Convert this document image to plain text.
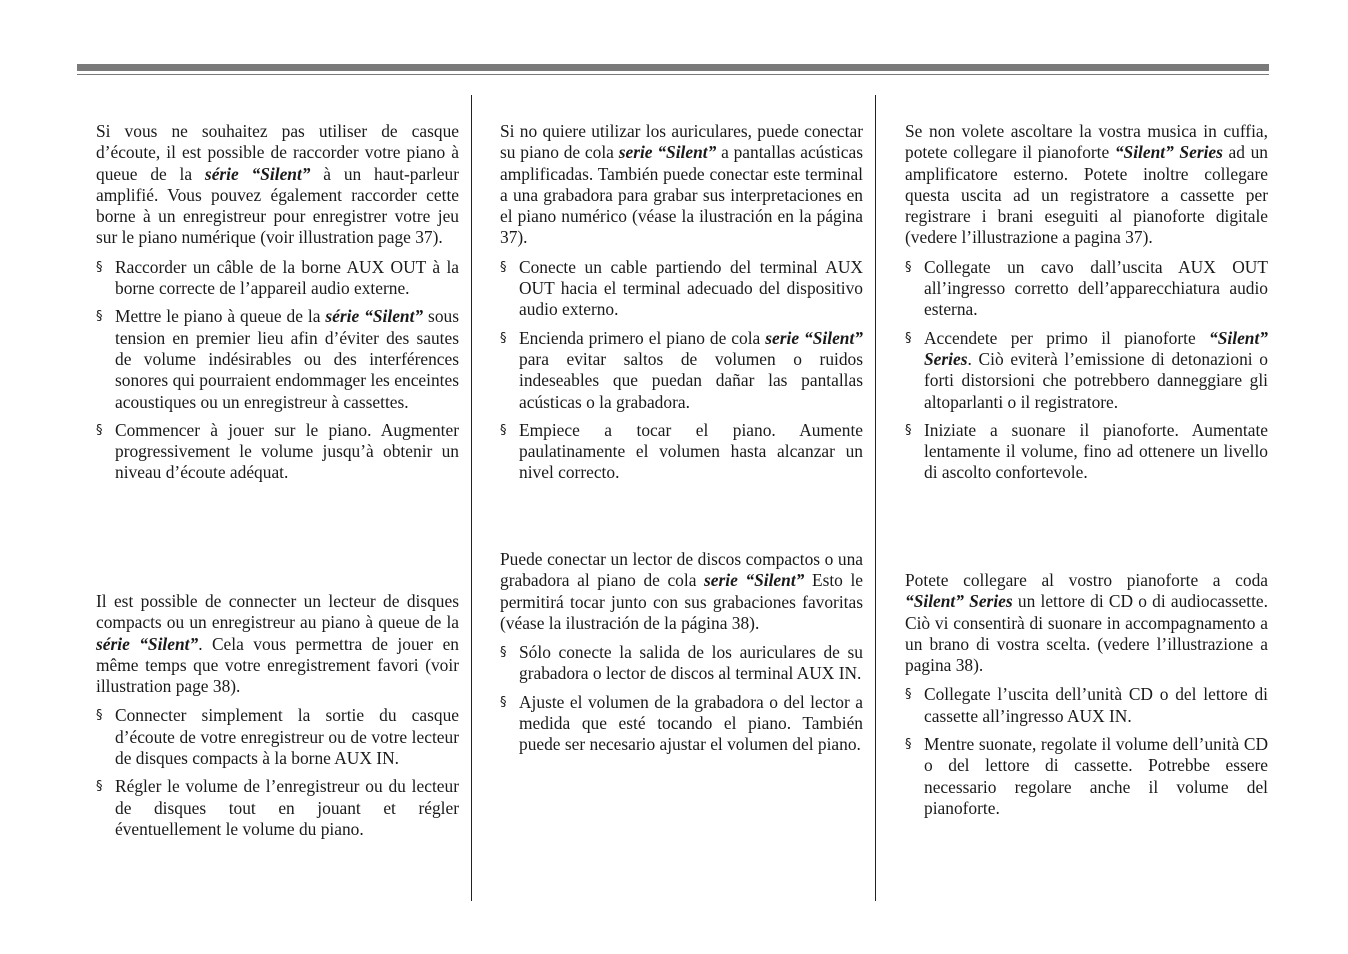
Si vous ne souhaitez pas utiliser de casque d’écoute, il est possible de raccorder votre piano à queue de la série “Silent” à un haut-parleur amplifié. Vous pouvez également raccorder cette borne à un enregistreur pour enregistrer votre jeu sur le piano numérique (voir illustration page 37).

§ Raccorder un câble de la borne AUX OUT à la borne correcte de l’appareil audio externe.
§ Mettre le piano à queue de la série “Silent” sous tension en premier lieu afin d’éviter des sautes de volume indésirables ou des interférences sonores qui pourraient endommager les enceintes acoustiques ou un enregistreur à cassettes.
§ Commencer à jouer sur le piano. Augmenter progressivement le volume jusqu’à obtenir un niveau d’écoute adéquat.

Il est possible de connecter un lecteur de disques compacts ou un enregistreur au piano à queue de la série “Silent”. Cela vous permettra de jouer en même temps que votre enregistrement favori (voir illustration page 38).

§ Connecter simplement la sortie du casque d’écoute de votre enregistreur ou de votre lecteur de disques compacts à la borne AUX IN.
§ Régler le volume de l’enregistreur ou du lecteur de disques tout en jouant et régler éventuellement le volume du piano.

Si no quiere utilizar los auriculares, puede conectar su piano de cola serie “Silent” a pantallas acústicas amplificadas. También puede conectar este terminal a una grabadora para grabar sus interpretaciones en el piano numérico (véase la ilustración en la página 37).

§ Conecte un cable partiendo del terminal AUX OUT hacia el terminal adecuado del dispositivo audio externo.
§ Encienda primero el piano de cola serie “Silent” para evitar saltos de volumen o ruidos indeseables que puedan dañar las pantallas acústicas o la grabadora.
§ Empiece a tocar el piano. Aumente paulatinamente el volumen hasta alcanzar un nivel correcto.

Puede conectar un lector de discos compactos o una grabadora al piano de cola serie “Silent” Esto le permitirá tocar junto con sus grabaciones favoritas (véase la ilustración de la página 38).

§ Sólo conecte la salida de los auriculares de su grabadora o lector de discos al terminal AUX IN.
§ Ajuste el volumen de la grabadora o del lector a medida que esté tocando el piano. También puede ser necesario ajustar el volumen del piano.

Se non volete ascoltare la vostra musica in cuffia, potete collegare il pianoforte “Silent” Series ad un amplificatore esterno. Potete inoltre collegare questa uscita ad un registratore a cassette per registrare i brani eseguiti al pianoforte digitale (vedere l’illustrazione a pagina 37).

§ Collegate un cavo dall’uscita AUX OUT all’ingresso corretto dell’apparecchiatura audio esterna.
§ Accendete per primo il pianoforte “Silent” Series. Ciò eviterà l’emissione di detonazioni o forti distorsioni che potrebbero danneggiare gli altoparlanti o il registratore.
§ Iniziate a suonare il pianoforte. Aumentate lentamente il volume, fino ad ottenere un livello di ascolto confortevole.

Potete collegare al vostro pianoforte a coda “Silent” Series un lettore di CD o di audiocassette. Ciò vi consentirà di suonare in accompagnamento a un brano di vostra scelta. (vedere l’illustrazione a pagina 38).

§ Collegate l’uscita dell’unità CD o del lettore di cassette all’ingresso AUX IN.
§ Mentre suonate, regolate il volume dell’unità CD o del lettore di cassette. Potrebbe essere necessario regolare anche il volume del pianoforte.
